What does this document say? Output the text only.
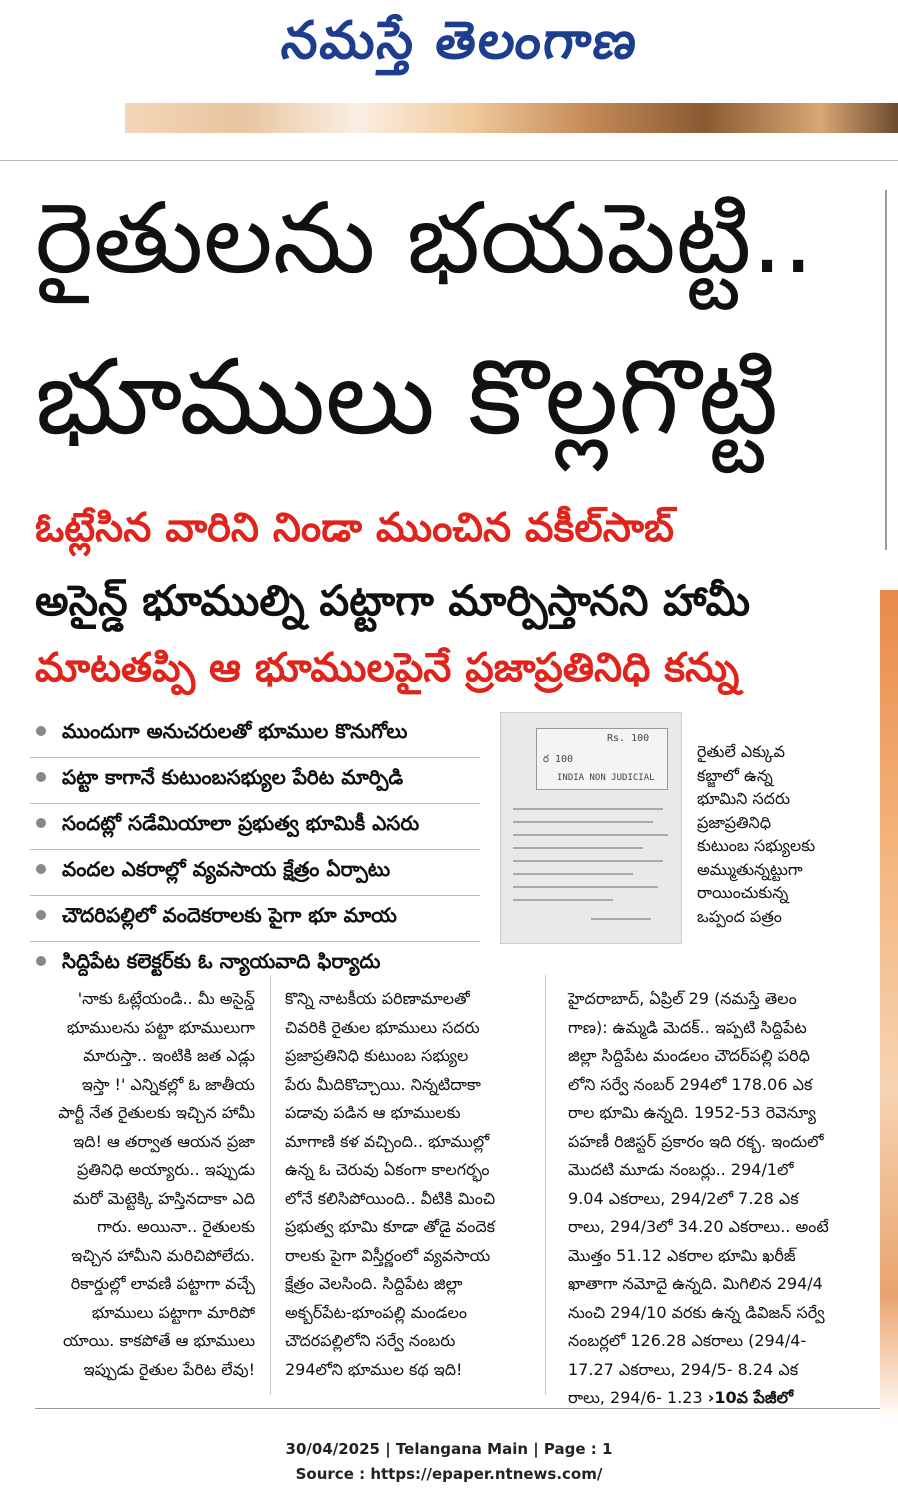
నమస్తే తెలంగాణ
రైతులను భయపెట్టి..
భూములు కొల్లగొట్టి
ఓట్లేసిన వారిని నిండా ముంచిన వకీల్‌సాబ్
అసైన్డ్ భూముల్ని పట్టాగా మార్పిస్తానని హామీ
మాటతప్పి ఆ భూములపైనే ప్రజాప్రతినిధి కన్ను
ముందుగా అనుచరులతో భూముల కొనుగోలు
పట్టా కాగానే కుటుంబసభ్యుల పేరిట మార్పిడి
సందట్లో సడేమియాలా ప్రభుత్వ భూమికీ ఎసరు
వందల ఎకరాల్లో వ్యవసాయ క్షేత్రం ఏర్పాటు
చౌదరిపల్లిలో వందెకరాలకు పైగా భూ మాయ
సిద్దిపేట కలెక్టర్‌కు ఓ న్యాయవాది ఫిర్యాదు
Rs. 100
ర 100
INDIA NON JUDICIAL
రైతులే ఎక్కువ
కబ్జాలో ఉన్న
భూమిని సదరు
ప్రజాప్రతినిధి
కుటుంబ సభ్యులకు
అమ్ముతున్నట్టుగా
రాయించుకున్న
ఒప్పంద పత్రం
'నాకు ఓట్లేయండి.. మీ అసైన్డ్
భూములను పట్టా భూములుగా
మారుస్తా.. ఇంటికి జత ఎడ్లు
ఇస్తా !' ఎన్నికల్లో ఓ జాతీయ
పార్టీ నేత రైతులకు ఇచ్చిన హామీ
ఇది! ఆ తర్వాత ఆయన ప్రజా
ప్రతినిధి అయ్యారు.. ఇప్పుడు
మరో మెట్టెక్కి హస్తినదాకా ఎది
గారు. అయినా.. రైతులకు
ఇచ్చిన హామీని మరిచిపోలేదు.
రికార్డుల్లో లావణి పట్టాగా వచ్చే
భూములు పట్టాగా మారిపో
యాయి. కాకపోతే ఆ భూములు
ఇప్పుడు రైతుల పేరిట లేవు!
కొన్ని నాటకీయ పరిణామాలతో
చివరికి రైతుల భూములు సదరు
ప్రజాప్రతినిధి కుటుంబ సభ్యుల
పేరు మీదికొచ్చాయి. నిన్నటిదాకా
పడావు పడిన ఆ భూములకు
మాగాణి కళ వచ్చింది.. భూముల్లో
ఉన్న ఓ చెరువు ఏకంగా కాలగర్భం
లోనే కలిసిపోయింది.. వీటికి మించి
ప్రభుత్వ భూమి కూడా తోడై వందెక
రాలకు పైగా విస్తీర్ణంలో వ్యవసాయ
క్షేత్రం వెలసింది. సిద్దిపేట జిల్లా
అక్బర్‌పేట-భూంపల్లి మండలం
చౌదరపల్లిలోని సర్వే నంబరు
294లోని భూముల కథ ఇది!
హైదరాబాద్, ఏప్రిల్ 29 (నమస్తే తెలం
గాణ): ఉమ్మడి మెదక్.. ఇప్పటి సిద్దిపేట
జిల్లా సిద్దిపేట మండలం చౌదర్‌పల్లి పరిధి
లోని సర్వే నంబర్ 294లో 178.06 ఎక
రాల భూమి ఉన్నది. 1952-53 రెవెన్యూ
పహణీ రిజిస్టర్ ప్రకారం ఇది రక్బ. ఇందులో
మొదటి మూడు నంబర్లు.. 294/1లో
9.04 ఎకరాలు, 294/2లో 7.28 ఎక
రాలు, 294/3లో 34.20 ఎకరాలు.. అంటే
మొత్తం 51.12 ఎకరాల భూమి ఖరీజ్
ఖాతాగా నమోదై ఉన్నది. మిగిలిన 294/4
నుంచి 294/10 వరకు ఉన్న డివిజన్ సర్వే
నంబర్లలో 126.28 ఎకరాలు (294/4-
17.27 ఎకరాలు, 294/5- 8.24 ఎక
రాలు, 294/6- 1.23 ›10వ పేజీలో
30/04/2025 | Telangana Main | Page : 1
Source : https://epaper.ntnews.com/
